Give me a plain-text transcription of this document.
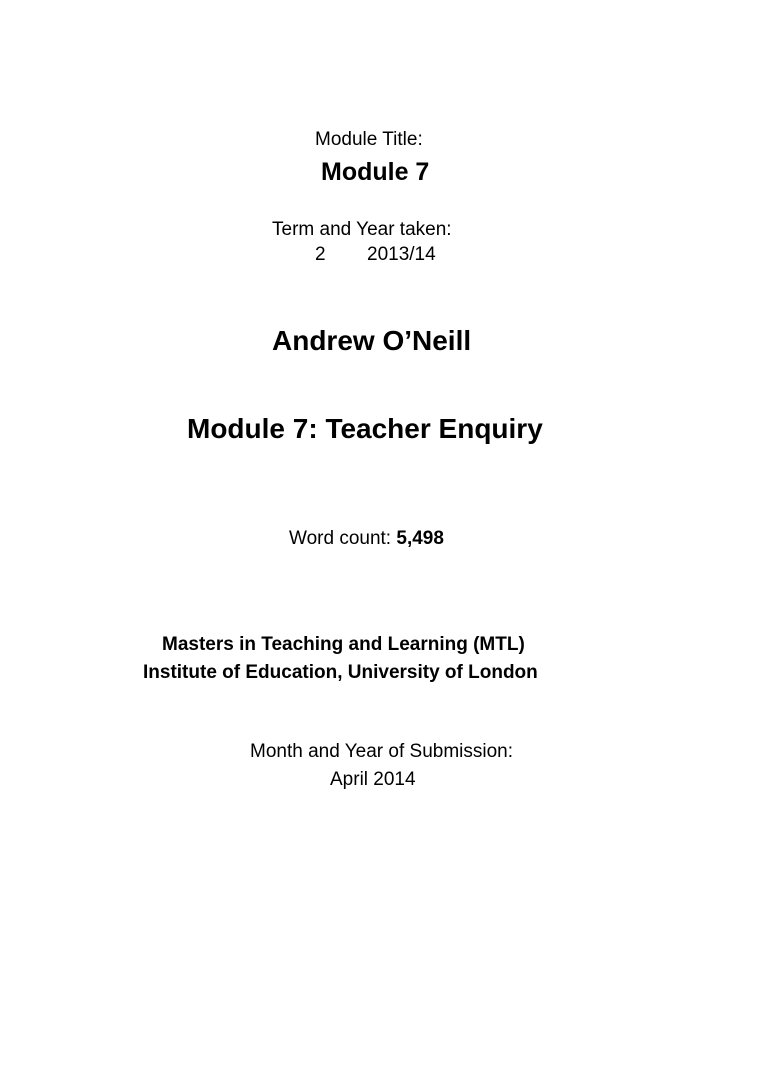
Module Title:
Module 7
Term and Year taken:
2 2013/14
Andrew O’Neill
Module 7: Teacher Enquiry
Word count: 5,498
Masters in Teaching and Learning (MTL)
Institute of Education, University of London
Month and Year of Submission:
April 2014
